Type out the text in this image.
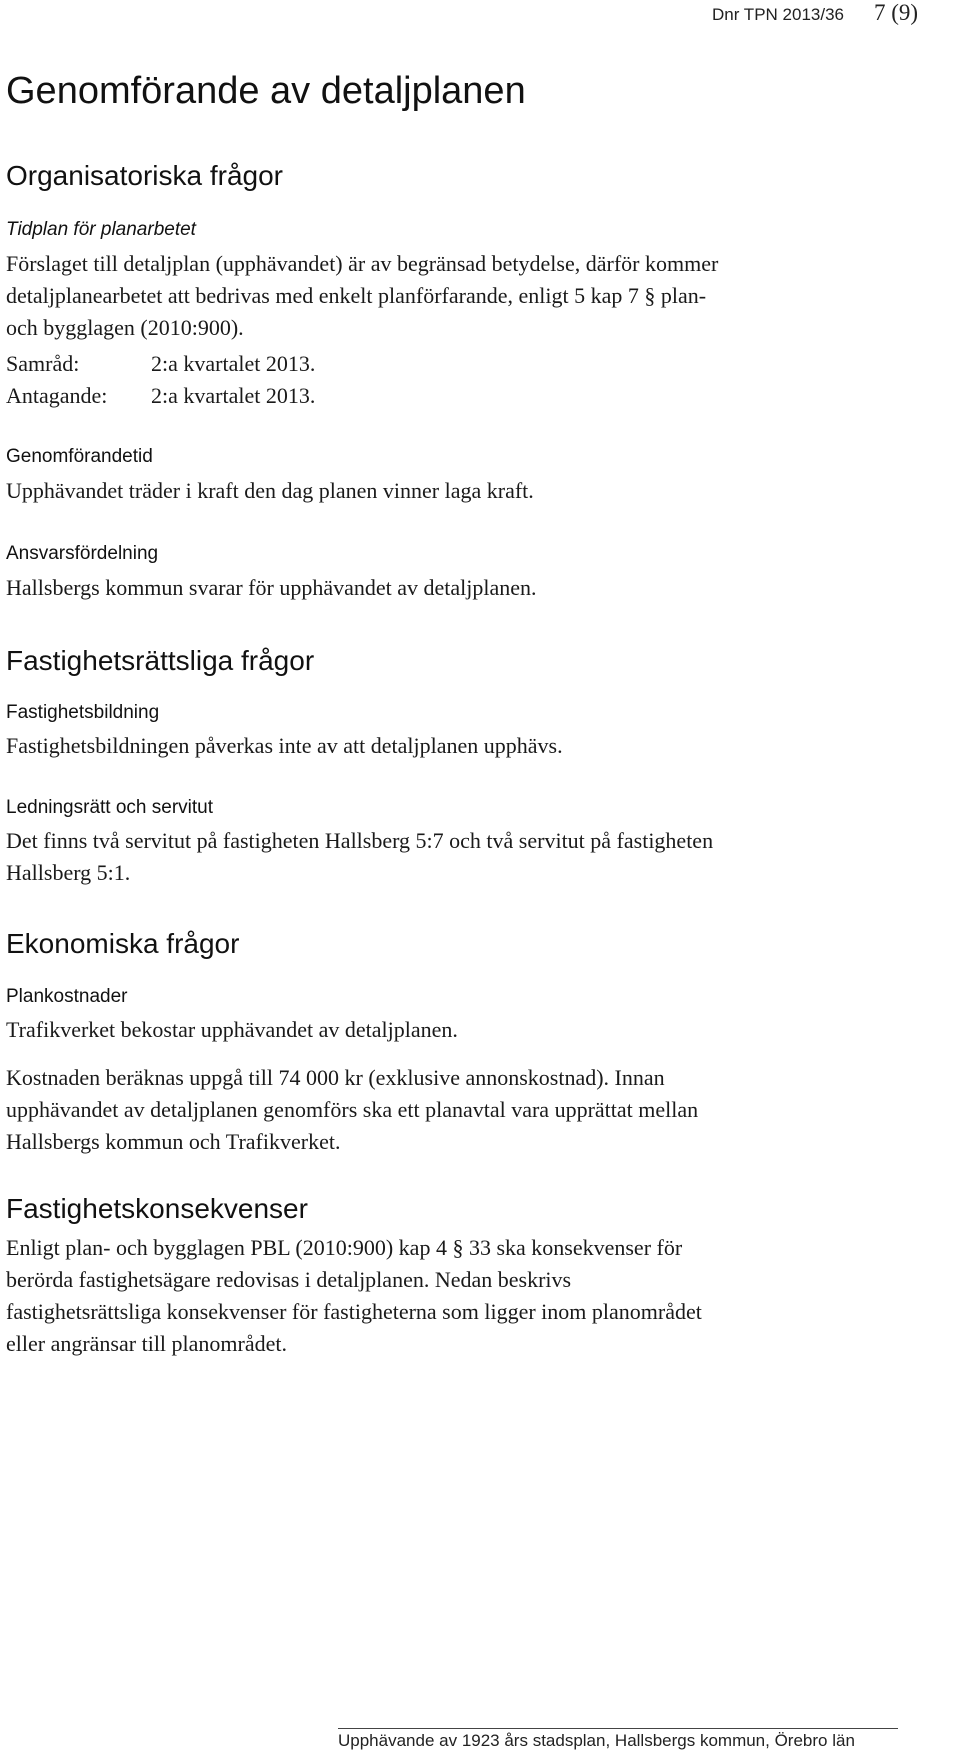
Dnr TPN 2013/36 7 (9)
Genomförande av detaljplanen
Organisatoriska frågor
Tidplan för planarbetet
Förslaget till detaljplan (upphävandet) är av begränsad betydelse, därför kommer
detaljplanearbetet att bedrivas med enkelt planförfarande, enligt 5 kap 7 § plan-
och bygglagen (2010:900).
Samråd:	2:a kvartalet 2013.
Antagande: 2:a kvartalet 2013.
Genomförandetid
Upphävandet träder i kraft den dag planen vinner laga kraft.
Ansvarsfördelning
Hallsbergs kommun svarar för upphävandet av detaljplanen.
Fastighetsrättsliga frågor
Fastighetsbildning
Fastighetsbildningen påverkas inte av att detaljplanen upphävs.
Ledningsrätt och servitut
Det finns två servitut på fastigheten Hallsberg 5:7 och två servitut på fastigheten
Hallsberg 5:1.
Ekonomiska frågor
Plankostnader
Trafikverket bekostar upphävandet av detaljplanen.
Kostnaden beräknas uppgå till 74 000 kr (exklusive annonskostnad). Innan
upphävandet av detaljplanen genomförs ska ett planavtal vara upprättat mellan
Hallsbergs kommun och Trafikverket.
Fastighetskonsekvenser
Enligt plan- och bygglagen PBL (2010:900) kap 4 § 33 ska konsekvenser för
berörda fastighetsägare redovisas i detaljplanen. Nedan beskrivs
fastighetsrättsliga konsekvenser för fastigheterna som ligger inom planområdet
eller angränsar till planområdet.
Upphävande av 1923 års stadsplan, Hallsbergs kommun, Örebro län
